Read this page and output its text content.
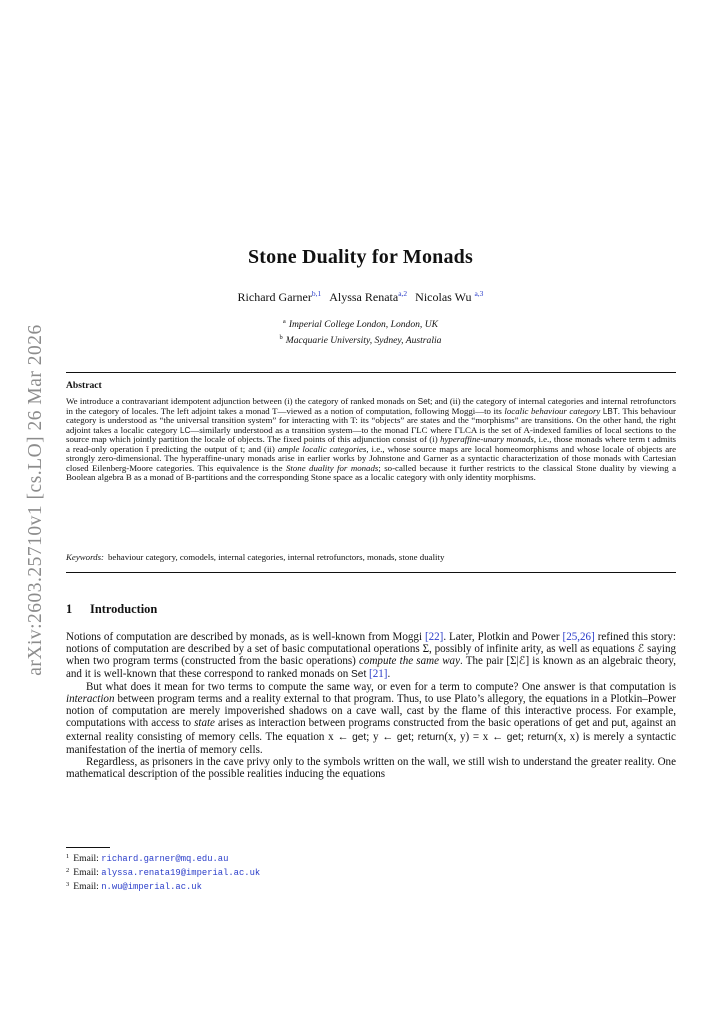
arXiv:2603.25710v1 [cs.LO] 26 Mar 2026
Stone Duality for Monads
Richard Garner$^{b,1}$ Alyssa Renata$^{a,2}$ Nicolas Wu $^{a,3}$
$^a$ Imperial College London, London, UK
$^b$ Macquarie University, Sydney, Australia
Abstract
We introduce a contravariant idempotent adjunction between (i) the category of ranked monads on Set; and (ii) the category of internal categories and internal retrofunctors in the category of locales. The left adjoint takes a monad T—viewed as a notion of computation, following Moggi—to its localic behaviour category LBT. This behaviour category is understood as “the universal transition system” for interacting with T: its “objects” are states and the “morphisms” are transitions. On the other hand, the right adjoint takes a localic category LC—similarly understood as a transition system—to the monad ΓLC where ΓLCA is the set of A-indexed families of local sections to the source map which jointly partition the locale of objects. The fixed points of this adjunction consist of (i) hyperaffine-unary monads, i.e., those monads where term t admits a read-only operation t̄ predicting the output of t; and (ii) ample localic categories, i.e., whose source maps are local homeomorphisms and whose locale of objects are strongly zero-dimensional. The hyperaffine-unary monads arise in earlier works by Johnstone and Garner as a syntactic characterization of those monads with Cartesian closed Eilenberg-Moore categories. This equivalence is the Stone duality for monads; so-called because it further restricts to the classical Stone duality by viewing a Boolean algebra B as a monad of B-partitions and the corresponding Stone space as a localic category with only identity morphisms.
Keywords: behaviour category, comodels, internal categories, internal retrofunctors, monads, stone duality
1 Introduction

Notions of computation are described by monads, as is well-known from Moggi [22]. Later, Plotkin and Power [25,26] refined this story: notions of computation are described by a set of basic computational operations Σ, possibly of infinite arity, as well as equations ℰ saying when two program terms (constructed from the basic operations) compute the same way. The pair [Σ|ℰ] is known as an algebraic theory, and it is well-known that these correspond to ranked monads on Set [21].

But what does it mean for two terms to compute the same way, or even for a term to compute? One answer is that computation is interaction between program terms and a reality external to that program. Thus, to use Plato’s allegory, the equations in a Plotkin–Power notion of computation are merely impoverished shadows on a cave wall, cast by the flame of this interactive process. For example, computations with access to state arises as interaction between programs constructed from the basic operations of get and put, against an external reality consisting of memory cells. The equation x ← get; y ← get; return(x, y) = x ← get; return(x, x) is merely a syntactic manifestation of the inertia of memory cells.

Regardless, as prisoners in the cave privy only to the symbols written on the wall, we still wish to understand the greater reality. One mathematical description of the possible realities inducing the equations

$^1$ Email: richard.garner@mq.edu.au
$^2$ Email: alyssa.renata19@imperial.ac.uk
$^3$ Email: n.wu@imperial.ac.uk
